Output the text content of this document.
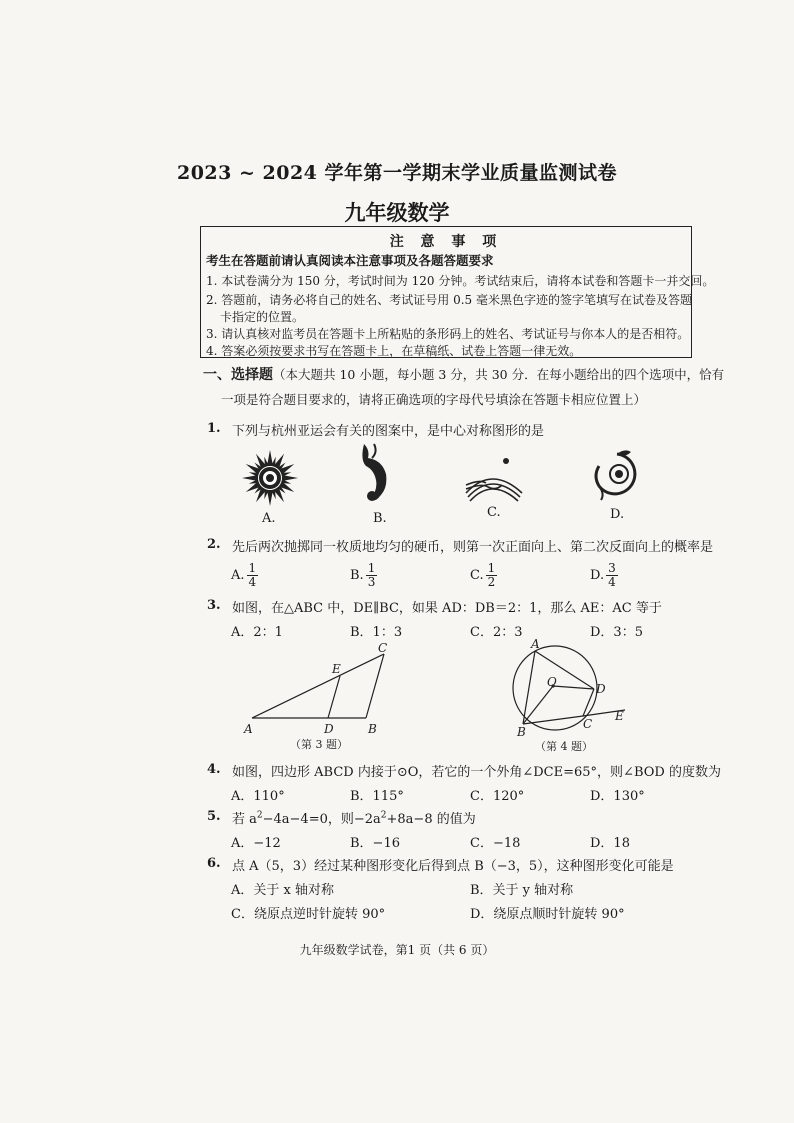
2023 ~ 2024 学年第一学期末学业质量监测试卷
九年级数学
注 意 事 项
考生在答题前请认真阅读本注意事项及各题答题要求
1. 本试卷满分为 150 分，考试时间为 120 分钟。考试结束后，请将本试卷和答题卡一并交回。
2. 答题前，请务必将自己的姓名、考试证号用 0.5 毫米黑色字迹的签字笔填写在试卷及答题
卡指定的位置。
3. 请认真核对监考员在答题卡上所粘贴的条形码上的姓名、考试证号与你本人的是否相符。
4. 答案必须按要求书写在答题卡上，在草稿纸、试卷上答题一律无效。
一、选择题（本大题共 10 小题，每小题 3 分，共 30 分．在每小题给出的四个选项中，恰有
一项是符合题目要求的，请将正确选项的字母代号填涂在答题卡相应位置上）
1. 下列与杭州亚运会有关的图案中，是中心对称图形的是
A.	B.	C.	D.
2. 先后两次抛掷同一枚质地均匀的硬币，则第一次正面向上、第二次反面向上的概率是
A. $\frac{1}{4}$	B. $\frac{1}{3}$	C. $\frac{1}{2}$	D. $\frac{3}{4}$
3. 如图，在△ABC 中，DE∥BC，如果 AD：DB＝2：1，那么 AE：AC 等于
A．2：1	B．1：3	C．2：3	D．3：5
A	B
C
D
E
（第 3 题）
A
B
C
D
E
O
（第 4 题）
4. 如图，四边形 ABCD 内接于⊙O，若它的一个外角∠DCE=65°，则∠BOD 的度数为
A．110°	B．115°	C．120°	D．130°
5. 若 $a^2-4a-4=0$，则$-2a^2+8a-8$ 的值为
A．−12	B．−16	C．−18	D．18
6. 点 A（5，3）经过某种图形变化后得到点 B（−3，5），这种图形变化可能是
A．关于 x 轴对称	B．关于 y 轴对称
C．绕原点逆时针旋转 90°	D．绕原点顺时针旋转 90°
九年级数学试卷，第1 页（共 6 页）
